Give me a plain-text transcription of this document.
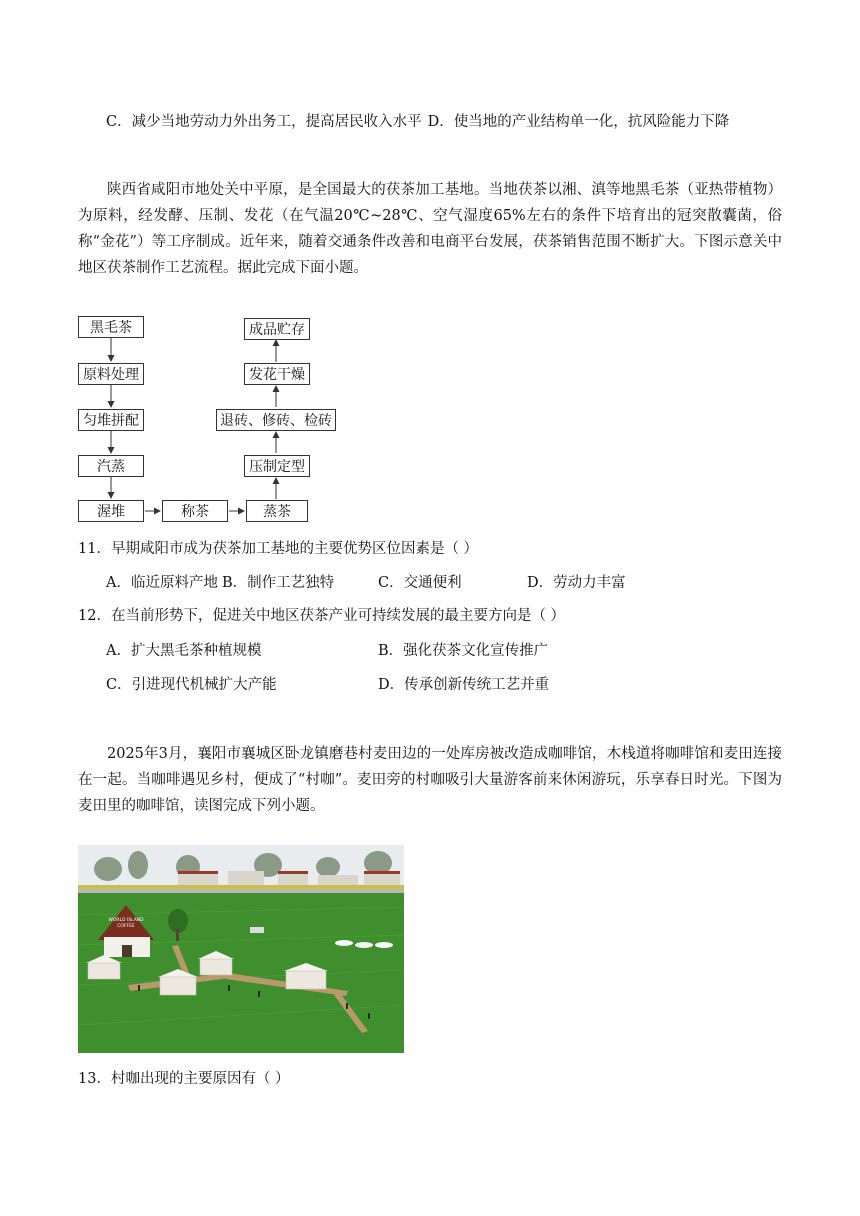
C．减少当地劳动力外出务工，提高居民收入水平 D．使当地的产业结构单一化，抗风险能力下降
陕西省咸阳市地处关中平原，是全国最大的茯茶加工基地。当地茯茶以湘、滇等地黑毛茶（亚热带植物）为原料，经发酵、压制、发花（在气温20℃~28℃、空气湿度65%左右的条件下培育出的冠突散囊菌，俗称“金花”）等工序制成。近年来，随着交通条件改善和电商平台发展，茯茶销售范围不断扩大。下图示意关中地区茯茶制作工艺流程。据此完成下面小题。
黑毛茶
原料处理
匀堆拼配
汽蒸
渥堆	称茶	蒸茶
压制定型
退砖、修砖、检砖
发花干燥
成品贮存
11．早期咸阳市成为茯茶加工基地的主要优势区位因素是（ ）
A．临近原料产地 B．制作工艺独特	C．交通便利	D．劳动力丰富
12．在当前形势下，促进关中地区茯茶产业可持续发展的最主要方向是（ ）
A．扩大黑毛茶种植规模	B．强化茯茶文化宣传推广
C．引进现代机械扩大产能	D．传承创新传统工艺并重
2025年3月，襄阳市襄城区卧龙镇磨巷村麦田边的一处库房被改造成咖啡馆，木栈道将咖啡馆和麦田连接在一起。当咖啡遇见乡村，便成了“村咖”。麦田旁的村咖吸引大量游客前来休闲游玩，乐享春日时光。下图为麦田里的咖啡馆，读图完成下列小题。
WORLD ISLAND
COFFEE
13．村咖出现的主要原因有（ ）
